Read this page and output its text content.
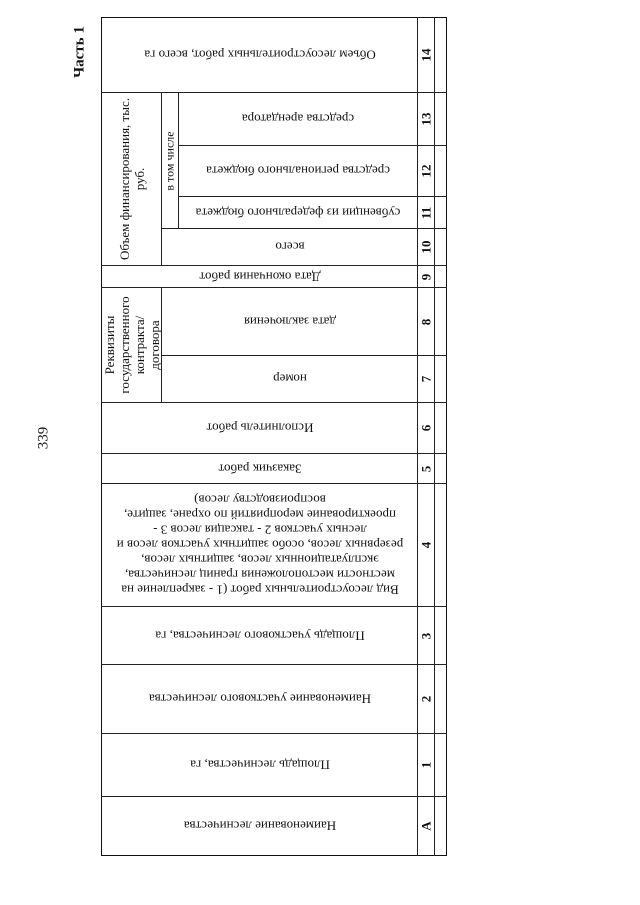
Часть 1
339
Объем лесоустроительных работ, всего га
Объем финансирования, тыс. руб. в том числе
средства арендатора
средства регионального бюджета
субвенции из федерального бюджета
всего
Дата окончания работ
Реквизиты государственного контракта/ договора	дата заключения
номер
Исполнитель работ
Заказчик работ
Вид лесоустроительных работ (1 - закрепление на местности местоположения границ лесничества, эксплуатационных лесов, защитных лесов, резервных лесов, особо защитных участков лесов и лесных участков 2 - таксация лесов 3 - проектирование мероприятий по охране, защите, воспроизводству лесов)
Площадь участкового лесничества, га
Наименование участкового лесничества
Площадь лесничества, га
Наименование лесничества
14
13
12
11
10
9
8
7
6
5
4
3
2
1
A
